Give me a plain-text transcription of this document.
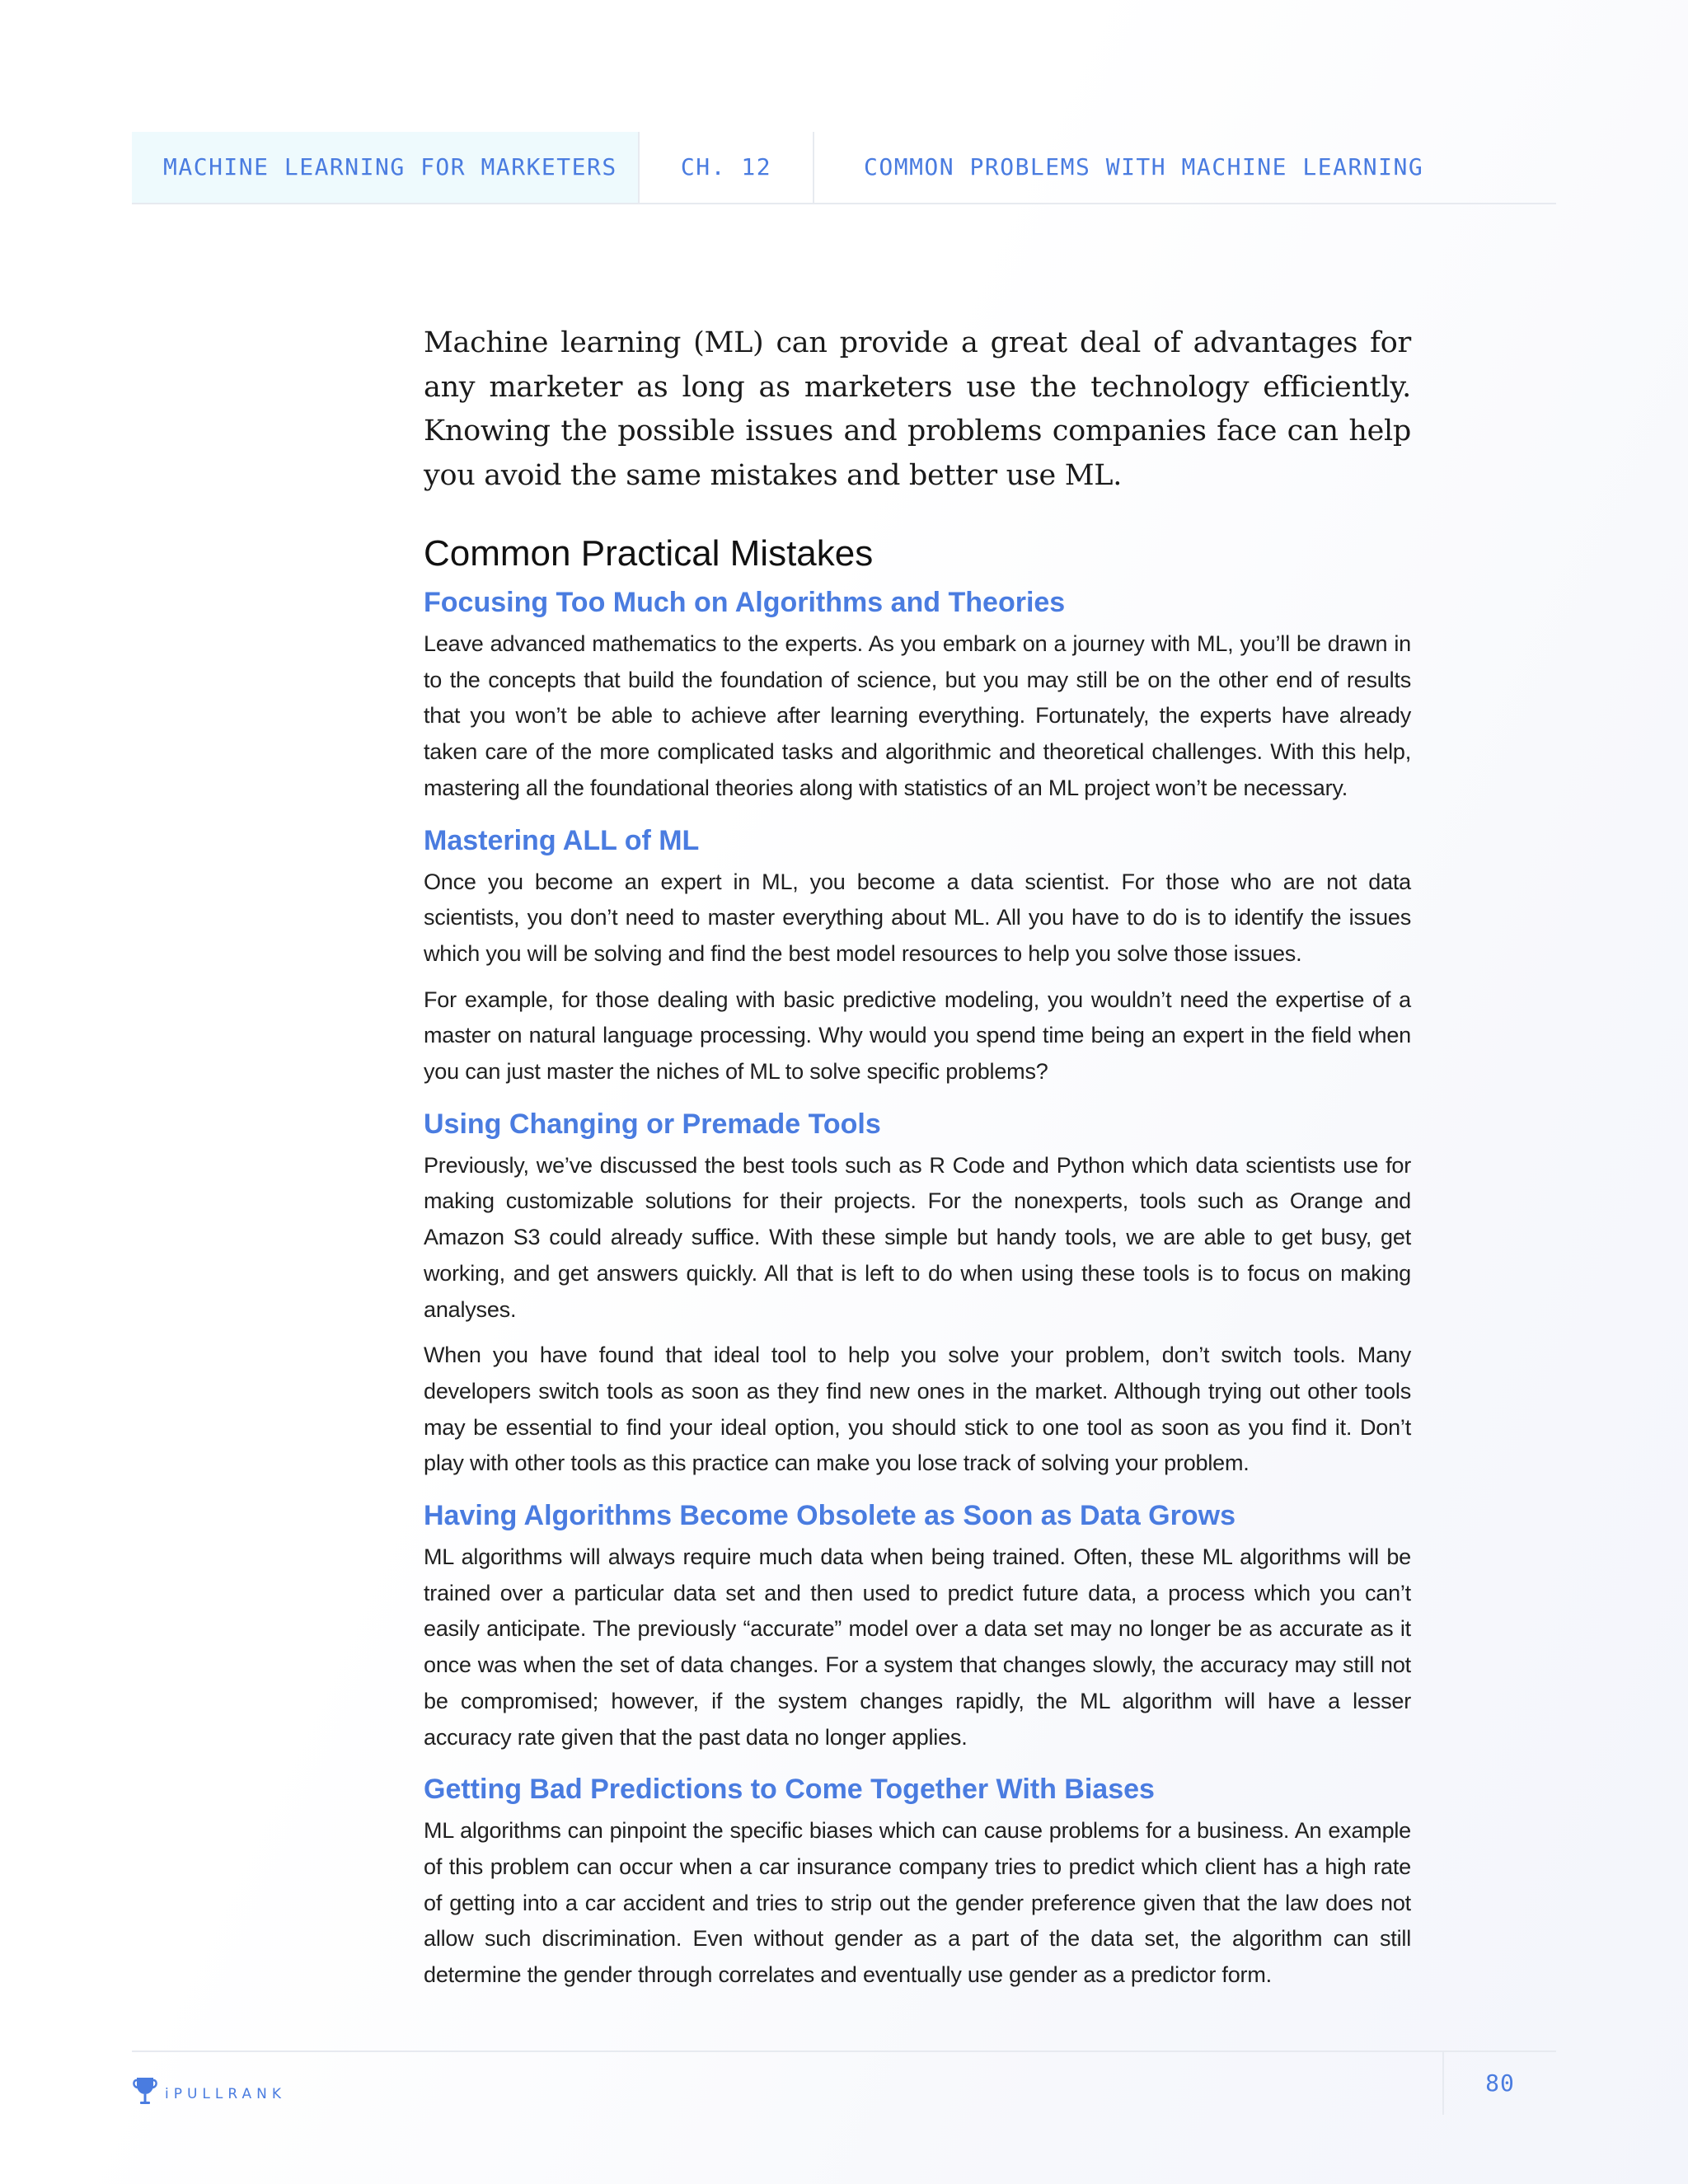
MACHINE LEARNING FOR MARKETERS	CH. 12	COMMON PROBLEMS WITH MACHINE LEARNING

Machine learning (ML) can provide a great deal of advantages for any marketer as long as marketers use the technology efficiently. Knowing the possible issues and problems companies face can help you avoid the same mistakes and better use ML.

Common Practical Mistakes
Focusing Too Much on Algorithms and Theories

Leave advanced mathematics to the experts. As you embark on a journey with ML, you’ll be drawn in to the concepts that build the foundation of science, but you may still be on the other end of results that you won’t be able to achieve after learning everything. Fortunately, the experts have already taken care of the more complicated tasks and algorithmic and theoretical challenges. With this help, mastering all the foundational theories along with statistics of an ML project won’t be necessary.

Mastering ALL of ML

Once you become an expert in ML, you become a data scientist. For those who are not data scientists, you don’t need to master everything about ML. All you have to do is to identify the issues which you will be solving and find the best model resources to help you solve those issues.

For example, for those dealing with basic predictive modeling, you wouldn’t need the expertise of a master on natural language processing. Why would you spend time being an expert in the field when you can just master the niches of ML to solve specific problems?

Using Changing or Premade Tools

Previously, we’ve discussed the best tools such as R Code and Python which data scientists use for making customizable solutions for their projects. For the nonexperts, tools such as Orange and Amazon S3 could already suffice. With these simple but handy tools, we are able to get busy, get working, and get answers quickly. All that is left to do when using these tools is to focus on making analyses.

When you have found that ideal tool to help you solve your problem, don’t switch tools. Many developers switch tools as soon as they find new ones in the market. Although trying out other tools may be essential to find your ideal option, you should stick to one tool as soon as you find it. Don’t play with other tools as this practice can make you lose track of solving your problem.

Having Algorithms Become Obsolete as Soon as Data Grows

ML algorithms will always require much data when being trained. Often, these ML algorithms will be trained over a particular data set and then used to predict future data, a process which you can’t easily anticipate. The previously “accurate” model over a data set may no longer be as accurate as it once was when the set of data changes. For a system that changes slowly, the accuracy may still not be compromised; however, if the system changes rapidly, the ML algorithm will have a lesser accuracy rate given that the past data no longer applies.

Getting Bad Predictions to Come Together With Biases

ML algorithms can pinpoint the specific biases which can cause problems for a business. An example of this problem can occur when a car insurance company tries to predict which client has a high rate of getting into a car accident and tries to strip out the gender preference given that the law does not allow such discrimination. Even without gender as a part of the data set, the algorithm can still determine the gender through correlates and eventually use gender as a predictor form.

iPULLRANK	80
